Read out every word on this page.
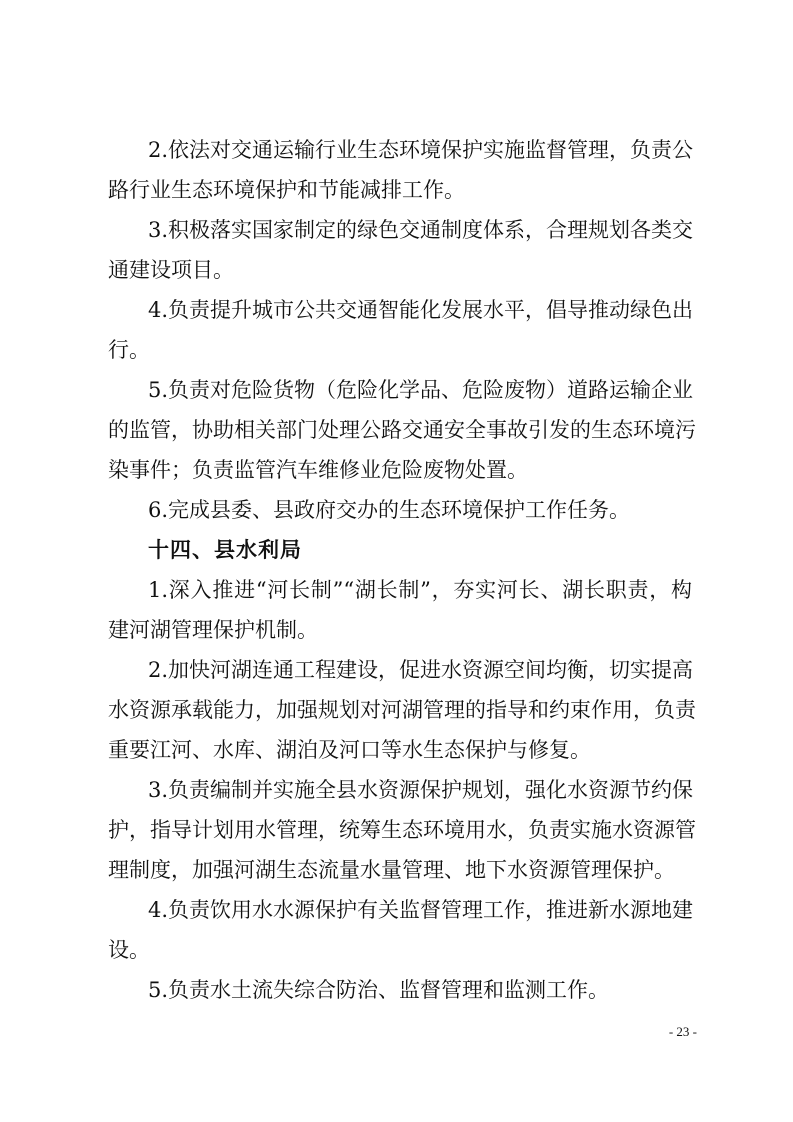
2.依法对交通运输行业生态环境保护实施监督管理，负责公
路行业生态环境保护和节能减排工作。
3.积极落实国家制定的绿色交通制度体系，合理规划各类交
通建设项目。
4.负责提升城市公共交通智能化发展水平，倡导推动绿色出
行。
5.负责对危险货物（危险化学品、危险废物）道路运输企业
的监管，协助相关部门处理公路交通安全事故引发的生态环境污
染事件；负责监管汽车维修业危险废物处置。
6.完成县委、县政府交办的生态环境保护工作任务。
十四、县水利局
1.深入推进“河长制”“湖长制”，夯实河长、湖长职责，构
建河湖管理保护机制。
2.加快河湖连通工程建设，促进水资源空间均衡，切实提高
水资源承载能力，加强规划对河湖管理的指导和约束作用，负责
重要江河、水库、湖泊及河口等水生态保护与修复。
3.负责编制并实施全县水资源保护规划，强化水资源节约保
护，指导计划用水管理，统筹生态环境用水，负责实施水资源管
理制度，加强河湖生态流量水量管理、地下水资源管理保护。
4.负责饮用水水源保护有关监督管理工作，推进新水源地建
设。
5.负责水土流失综合防治、监督管理和监测工作。
- 23 -
